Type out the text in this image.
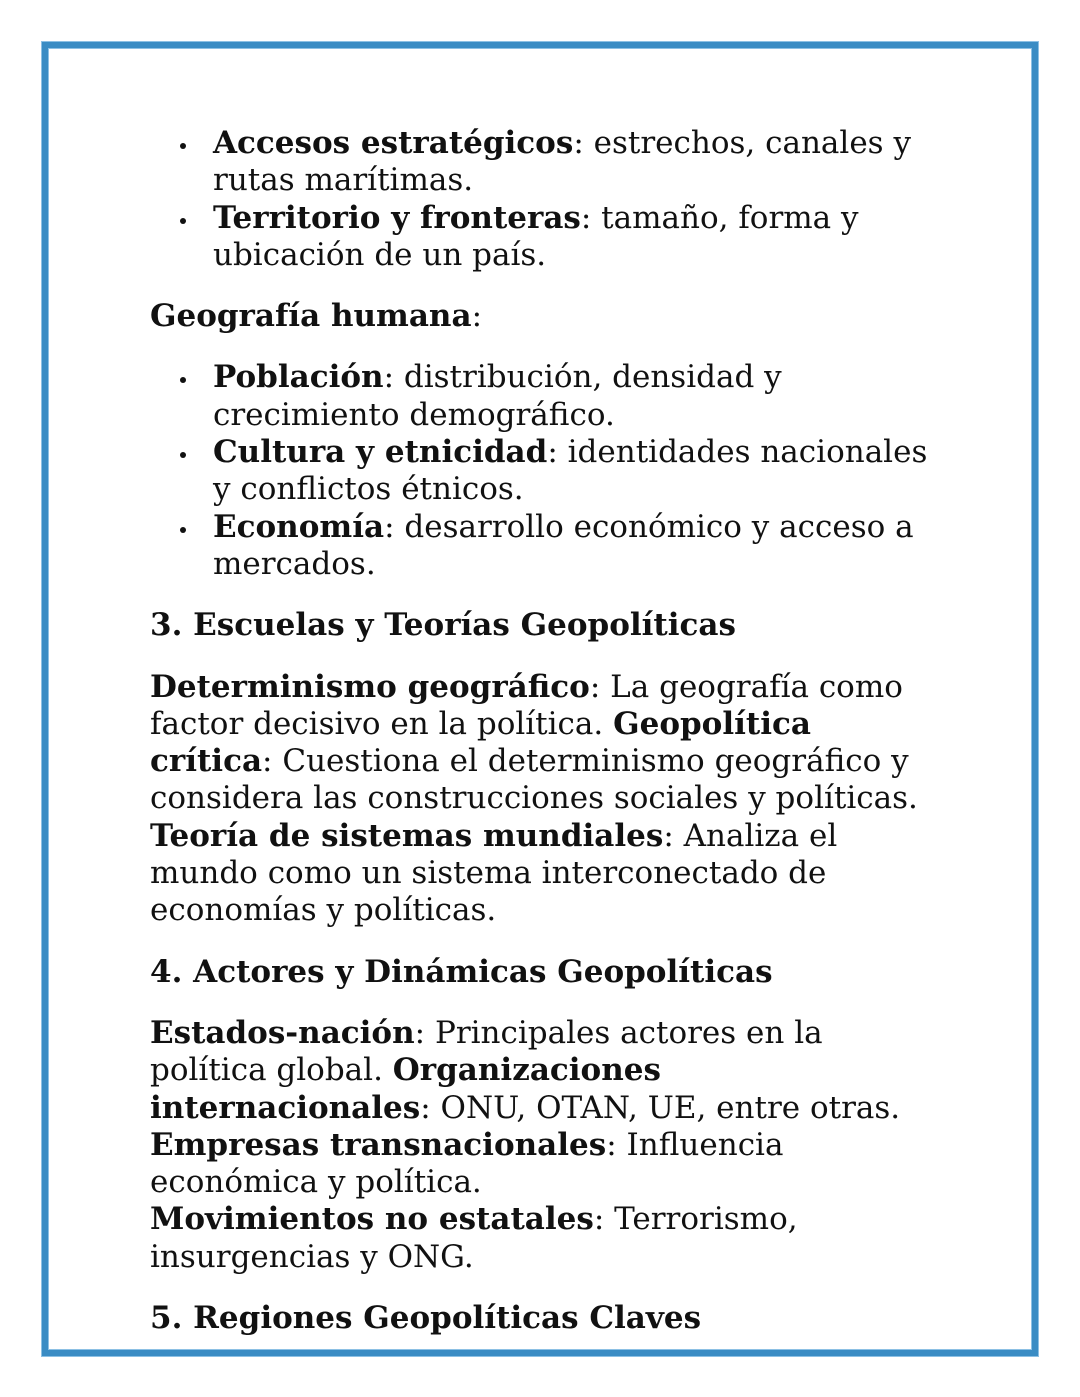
Accesos estratégicos: estrechos, canales y rutas marítimas.
Territorio y fronteras: tamaño, forma y ubicación de un país.

Geografía humana:

Población: distribución, densidad y crecimiento demográfico.
Cultura y etnicidad: identidades nacionales y conflictos étnicos.
Economía: desarrollo económico y acceso a mercados.

3. Escuelas y Teorías Geopolíticas

Determinismo geográfico: La geografía como factor decisivo en la política. Geopolítica crítica: Cuestiona el determinismo geográfico y considera las construcciones sociales y políticas. Teoría de sistemas mundiales: Analiza el mundo como un sistema interconectado de economías y políticas.

4. Actores y Dinámicas Geopolíticas

Estados-nación: Principales actores en la política global. Organizaciones internacionales: ONU, OTAN, UE, entre otras. Empresas transnacionales: Influencia económica y política.
Movimientos no estatales: Terrorismo, insurgencias y ONG.

5. Regiones Geopolíticas Claves
